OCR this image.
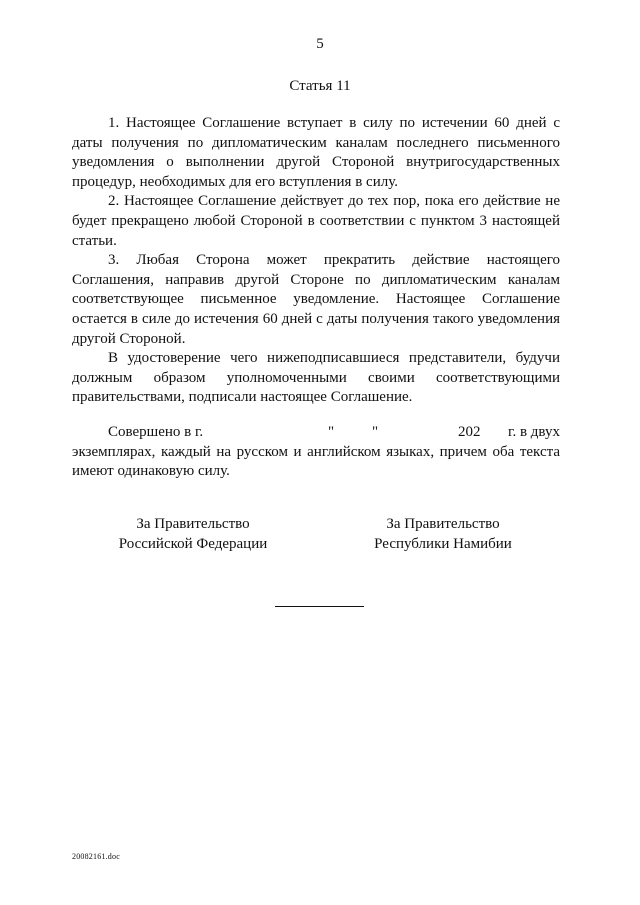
5
Статья 11

1. Настоящее Соглашение вступает в силу по истечении 60 дней с даты получения по дипломатическим каналам последнего письменного уведомления о выполнении другой Стороной внутригосударственных процедур, необходимых для его вступления в силу.

2. Настоящее Соглашение действует до тех пор, пока его действие не будет прекращено любой Стороной в соответствии с пунктом 3 настоящей статьи.

3. Любая Сторона может прекратить действие настоящего Соглашения, направив другой Стороне по дипломатическим каналам соответствующее письменное уведомление. Настоящее Соглашение остается в силе до истечения 60 дней с даты получения такого уведомления другой Стороной.

В удостоверение чего нижеподписавшиеся представители, будучи должным образом уполномоченными своими соответствующими правительствами, подписали настоящее Соглашение.

Совершено в г.	"	"	202 г. в двух

экземплярах, каждый на русском и английском языках, причем оба текста имеют одинаковую силу.

За Правительство
Российской Федерации
За Правительство
Республики Намибии
20082161.doc
